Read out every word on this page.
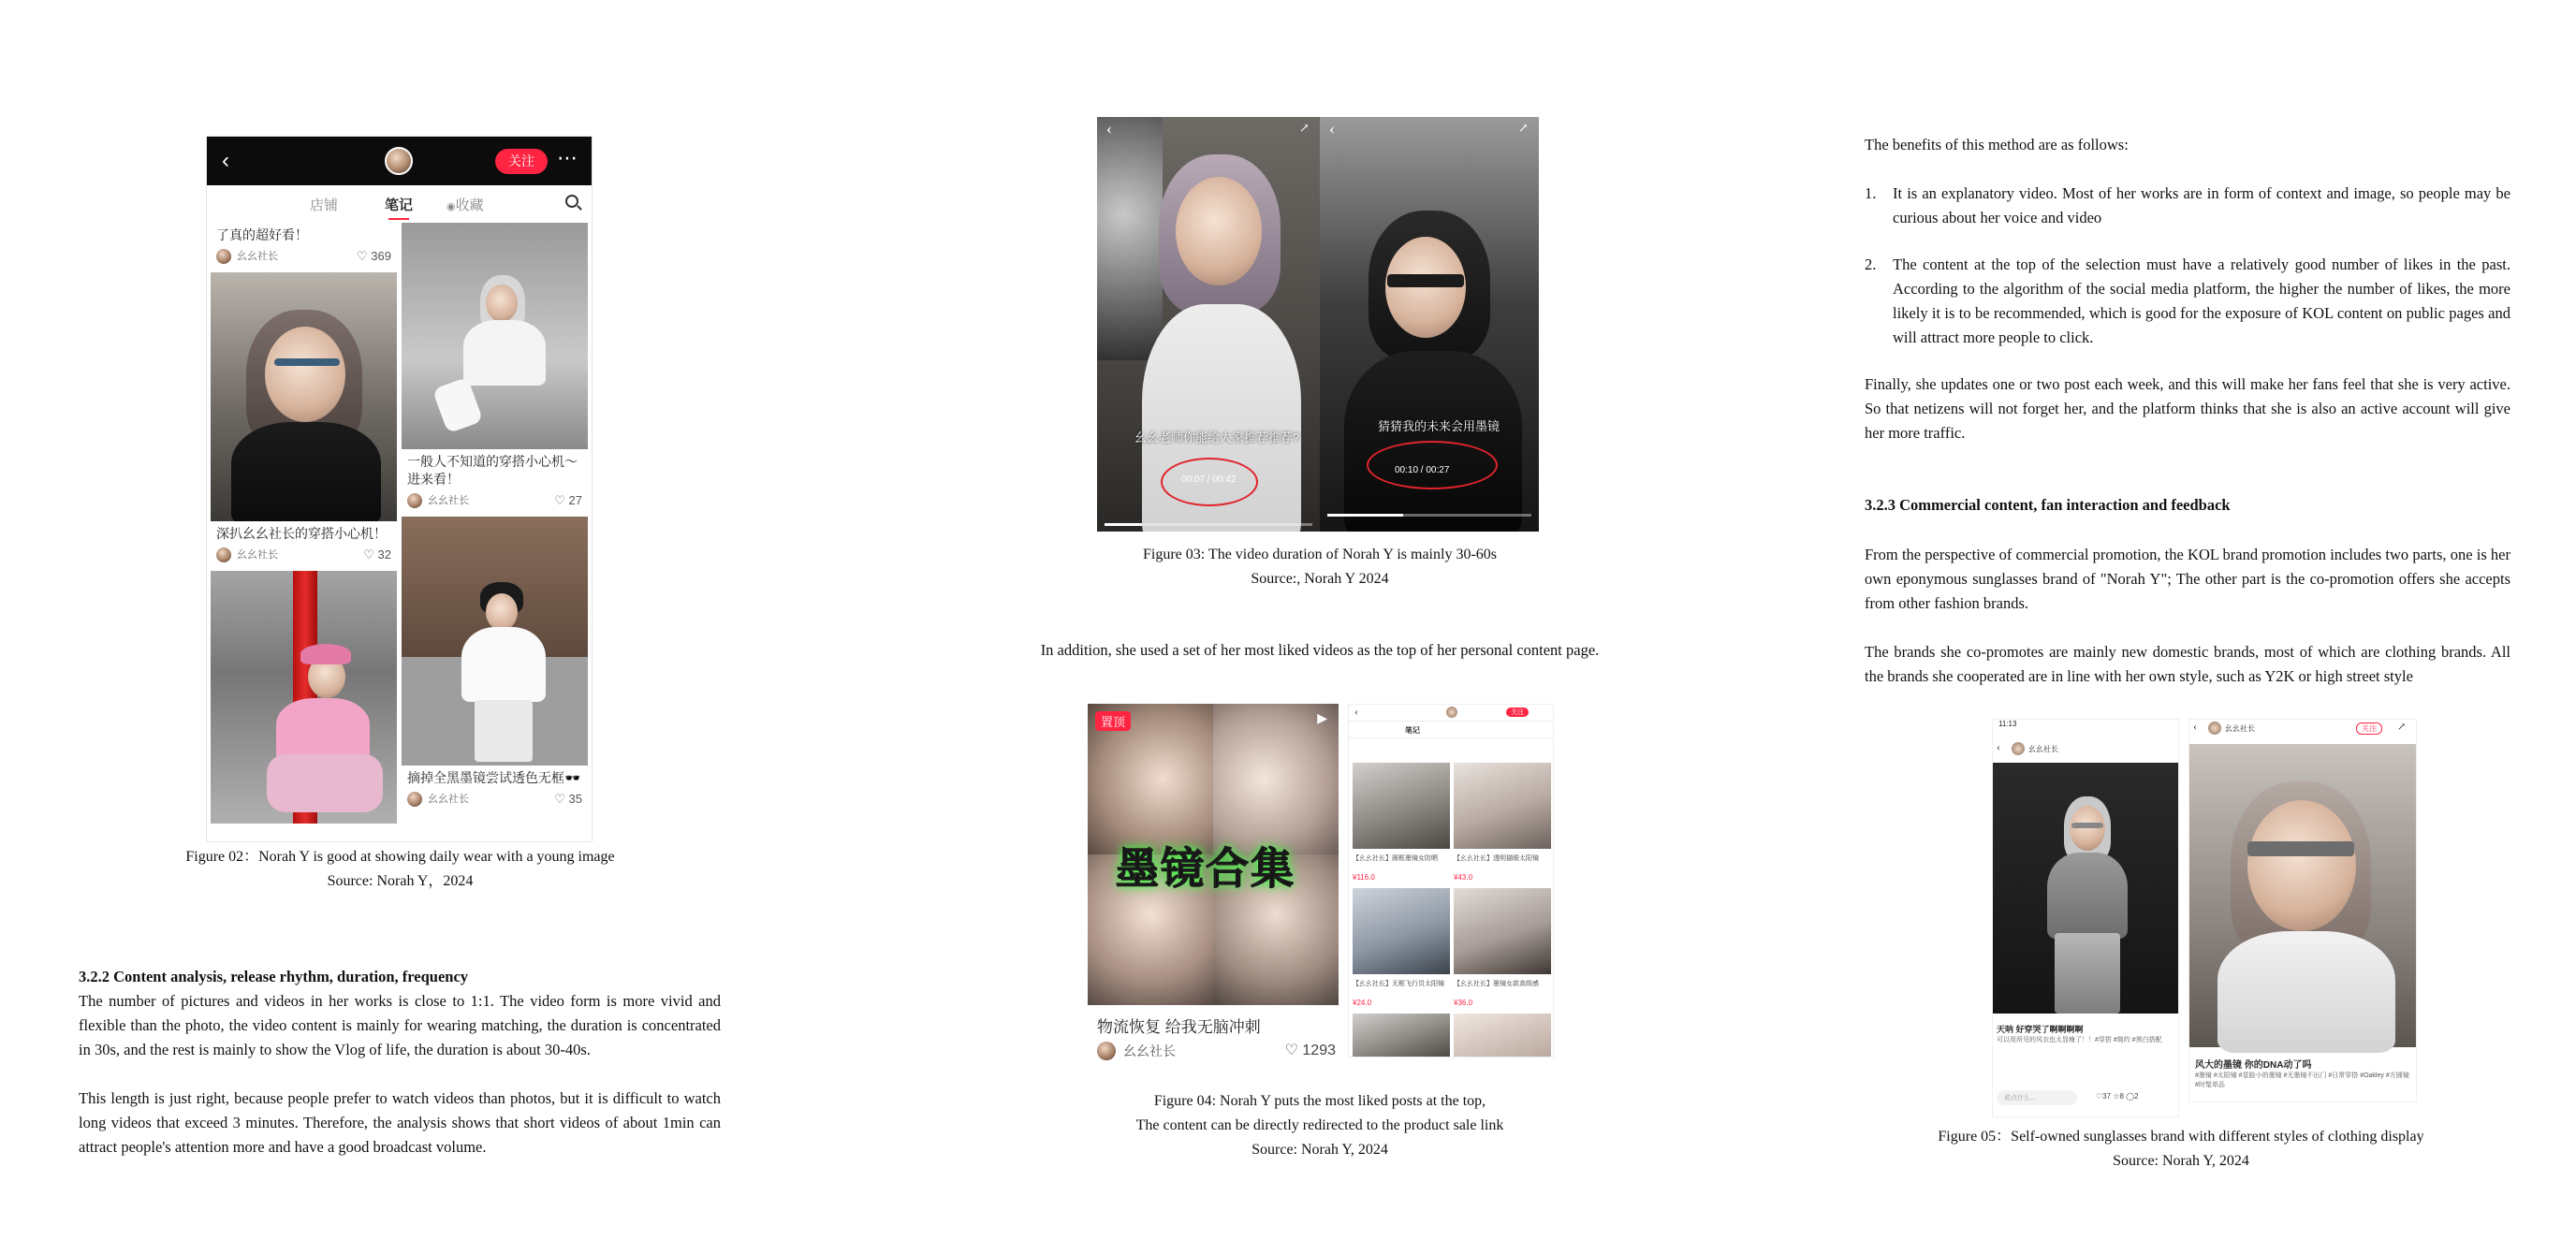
‹	关注	⋯
店铺	笔记	◉收藏
了真的超好看！
幺幺社长	♡ 369
深扒幺幺社长的穿搭小心机！
幺幺社长	♡ 32
一般人不知道的穿搭小心机～进来看！
幺幺社长	♡ 27
摘掉全黑墨镜尝试透色无框🕶️
幺幺社长	♡ 35
Figure 02：Norah Y is good at showing daily wear with a young image
Source: Norah Y，2024
3.2.2 Content analysis, release rhythm, duration, frequency
The number of pictures and videos in her works is close to 1:1. The video form is more vivid and flexible than the photo, the video content is mainly for wearing matching, the duration is concentrated in 30s, and the rest is mainly to show the Vlog of life, the duration is about 30-40s.
This length is just right, because people prefer to watch videos than photos, but it is difficult to watch long videos that exceed 3 minutes. Therefore, the analysis shows that short videos of about 1min can attract people's attention more and have a good broadcast volume.
‹	↗
幺幺老师你能给大家推荐推荐?
00:07 / 00:42
‹	↗
猜猜我的未来会用墨镜
00:10 / 00:27
Figure 03: The video duration of Norah Y is mainly 30-60s
Source:, Norah Y 2024
In addition, she used a set of her most liked videos as the top of her personal content page.
置顶	▶
墨镜合集
物流恢复 给我无脑冲刺
幺幺社长	♡ 1293
‹	关注
笔记
【幺幺社长】圆框墨镜女防晒
¥116.0
【幺幺社长】透明猫眼太阳镜
¥43.0
【幺幺社长】无框飞行员太阳镜
¥24.0
【幺幺社长】墨镜女款高级感
¥36.0
Figure 04: Norah Y puts the most liked posts at the top,
The content can be directly redirected to the product sale link
Source: Norah Y, 2024
The benefits of this method are as follows:
1. It is an explanatory video. Most of her works are in form of context and image, so people may be curious about her voice and video
2. The content at the top of the selection must have a relatively good number of likes in the past. According to the algorithm of the social media platform, the higher the number of likes, the more likely it is to be recommended, which is good for the exposure of KOL content on public pages and will attract more people to click.
Finally, she updates one or two post each week, and this will make her fans feel that she is very active. So that netizens will not forget her, and the platform thinks that she is also an active account will give her more traffic.
3.2.3 Commercial content, fan interaction and feedback
From the perspective of commercial promotion, the KOL brand promotion includes two parts, one is her own eponymous sunglasses brand of "Norah Y"; The other part is the co-promotion offers she accepts from other fashion brands.
The brands she co-promotes are mainly new domestic brands, most of which are clothing brands. All the brands she cooperated are in line with her own style, such as Y2K or high street style
11:13
‹	幺幺社长
天呐 好穿哭了啊啊啊啊
可以用所见的风衣也太显瘦了！！#穿搭 #简约 #黑白搭配
说点什么…	♡37 ☆8 ◯2
‹	幺幺社长	关注	↗
风大的墨镜 你的DNA动了吗
#墨镜 #太阳镜 #显脸小的墨镜 #无墨镜不出门 #日常穿搭 #Oakley #方圆镜 #时髦单品
Figure 05：Self-owned sunglasses brand with different styles of clothing display
Source: Norah Y, 2024
